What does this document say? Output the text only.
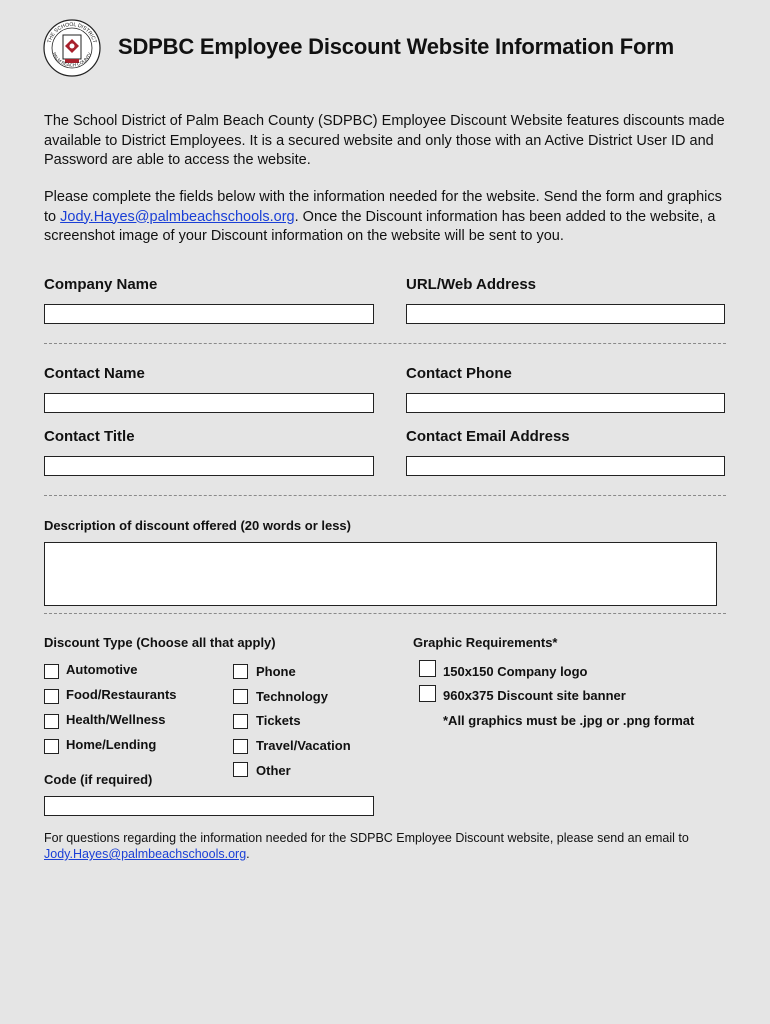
THE SCHOOL DISTRICT
PALM BEACH COUNTY SDPBC Employee Discount Website Information Form
The School District of Palm Beach County (SDPBC) Employee Discount Website features discounts made available to District Employees. It is a secured website and only those with an Active District User ID and Password are able to access the website.
Please complete the fields below with the information needed for the website. Send the form and graphics to Jody.Hayes@palmbeachschools.org. Once the Discount information has been added to the website, a screenshot image of your Discount information on the website will be sent to you.
Company Name	URL/Web Address
Contact Name	Contact Phone
Contact Title	Contact Email Address
Description of discount offered (20 words or less)
Discount Type (Choose all that apply)
Automotive
Food/Restaurants
Health/Wellness
Home/Lending
Phone
Technology
Tickets
Travel/Vacation
Other
Graphic Requirements*
150x150 Company logo
960x375 Discount site banner
*All graphics must be .jpg or .png format
Code (if required)
For questions regarding the information needed for the SDPBC Employee Discount website, please send an email to Jody.Hayes@palmbeachschools.org.
